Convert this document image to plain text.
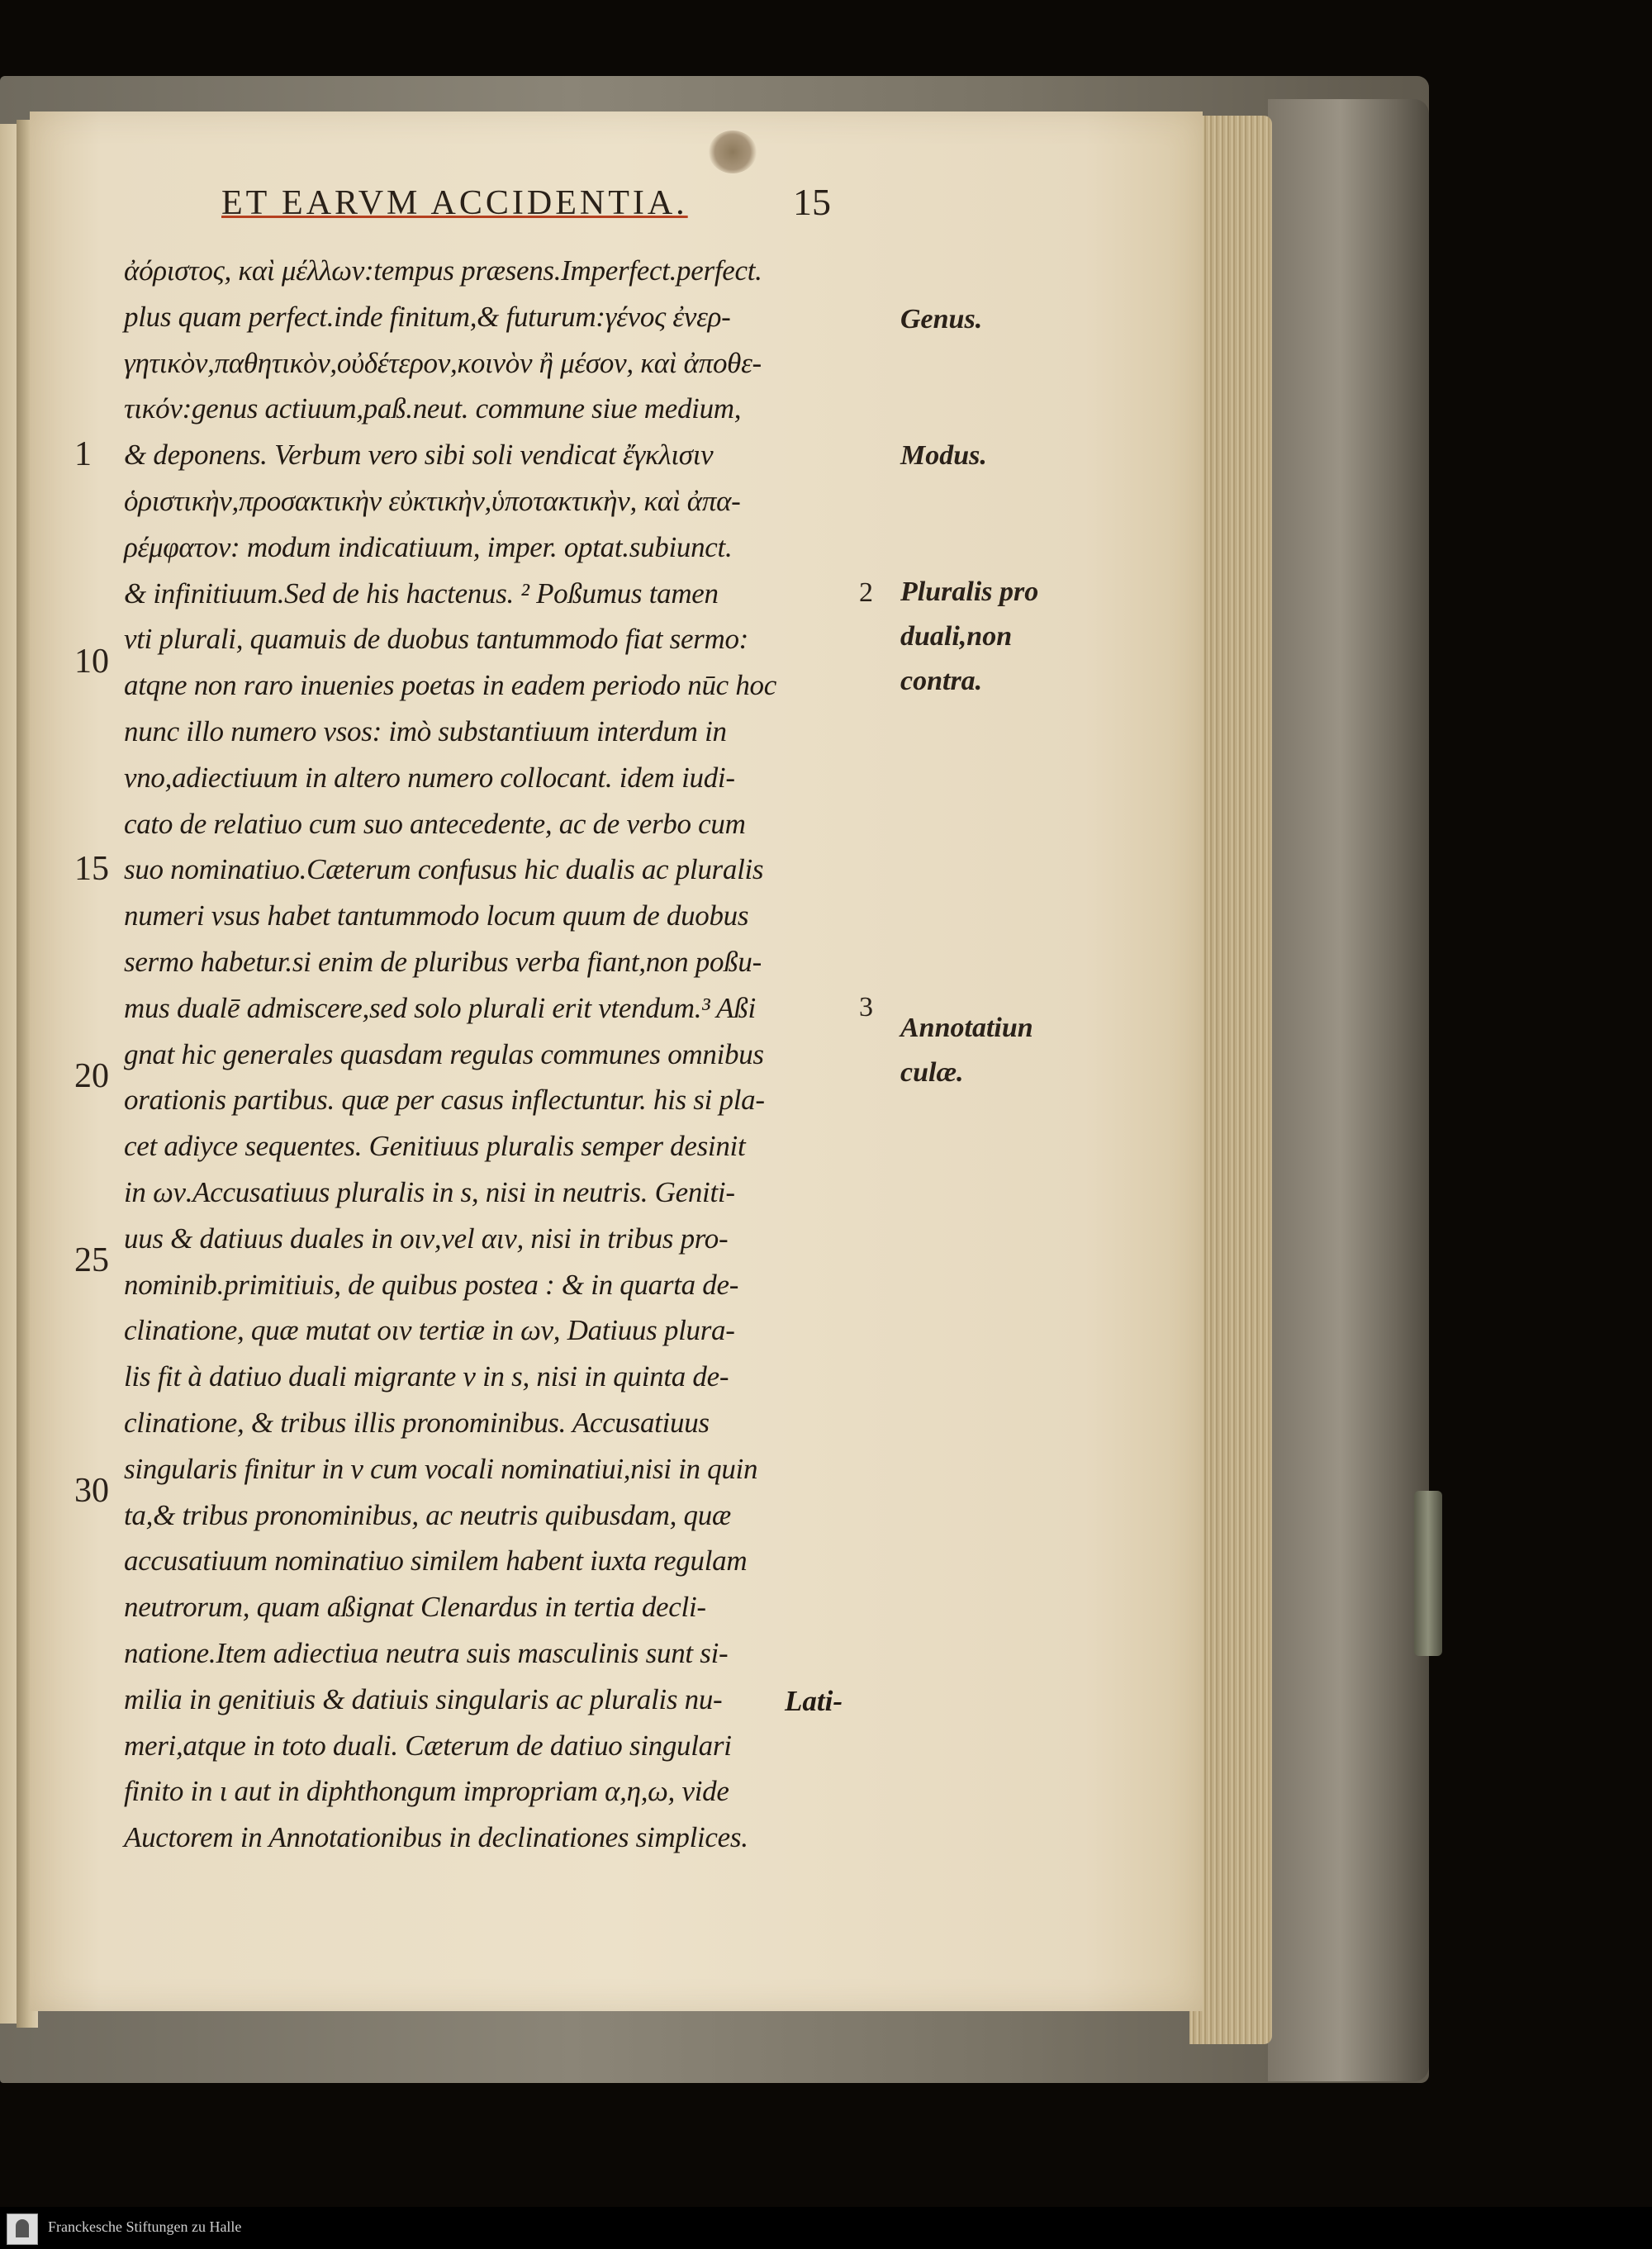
ET EARVM ACCIDENTIA.	15
ἀόριστος, καὶ μέλλων:tempus præsens.Imperfect.perfect.
plus quam perfect.inde finitum,& futurum:γένος ἐνερ-
γητικὸν,παθητικὸν,οὐδέτερον,κοινὸν ἢ μέσον, καὶ ἀποθε-
τικόν:genus actiuum,paß.neut. commune siue medium,
& deponens. Verbum vero sibi soli vendicat ἔγκλισιν
ὁριστικὴν,προσακτικὴν εὐκτικὴν,ὑποτακτικὴν, καὶ ἀπα-
ρέμφατον: modum indicatiuum, imper. optat.subiunct.
& infinitiuum.Sed de his hactenus. ² Poßumus tamen
vti plurali, quamuis de duobus tantummodo fiat sermo:
atqne non raro inuenies poetas in eadem periodo nūc hoc
nunc illo numero vsos: imò substantiuum interdum in
vno,adiectiuum in altero numero collocant. idem iudi-
cato de relatiuo cum suo antecedente, ac de verbo cum
suo nominatiuo.Cæterum confusus hic dualis ac pluralis
numeri vsus habet tantummodo locum quum de duobus
sermo habetur.si enim de pluribus verba fiant,non poßu-
mus dualē admiscere,sed solo plurali erit vtendum.³ Aßi
gnat hic generales quasdam regulas communes omnibus
orationis partibus. quæ per casus inflectuntur. his si pla-
cet adiyce sequentes. Genitiuus pluralis semper desinit
in ων.Accusatiuus pluralis in s, nisi in neutris. Geniti-
uus & datiuus duales in οιν,vel αιν, nisi in tribus pro-
nominib.primitiuis, de quibus postea : & in quarta de-
clinatione, quæ mutat οιν tertiæ in ων, Datiuus plura-
lis fit à datiuo duali migrante ν in s, nisi in quinta de-
clinatione, & tribus illis pronominibus. Accusatiuus
singularis finitur in ν cum vocali nominatiui,nisi in quin
ta,& tribus pronominibus, ac neutris quibusdam, quæ
accusatiuum nominatiuo similem habent iuxta regulam
neutrorum, quam aßignat Clenardus in tertia decli-
natione.Item adiectiua neutra suis masculinis sunt si-
milia in genitiuis & datiuis singularis ac pluralis nu-
meri,atque in toto duali. Cæterum de datiuo singulari
finito in ι aut in diphthongum impropriam α,η,ω, vide
Auctorem in Annotationibus in declinationes simplices.
1
10
15
20
25
30
2
3
Genus.
Modus.
Pluralis pro duali,non contra.
Annotatiunculæ.
Lati-
Franckesche Stiftungen zu Halle
